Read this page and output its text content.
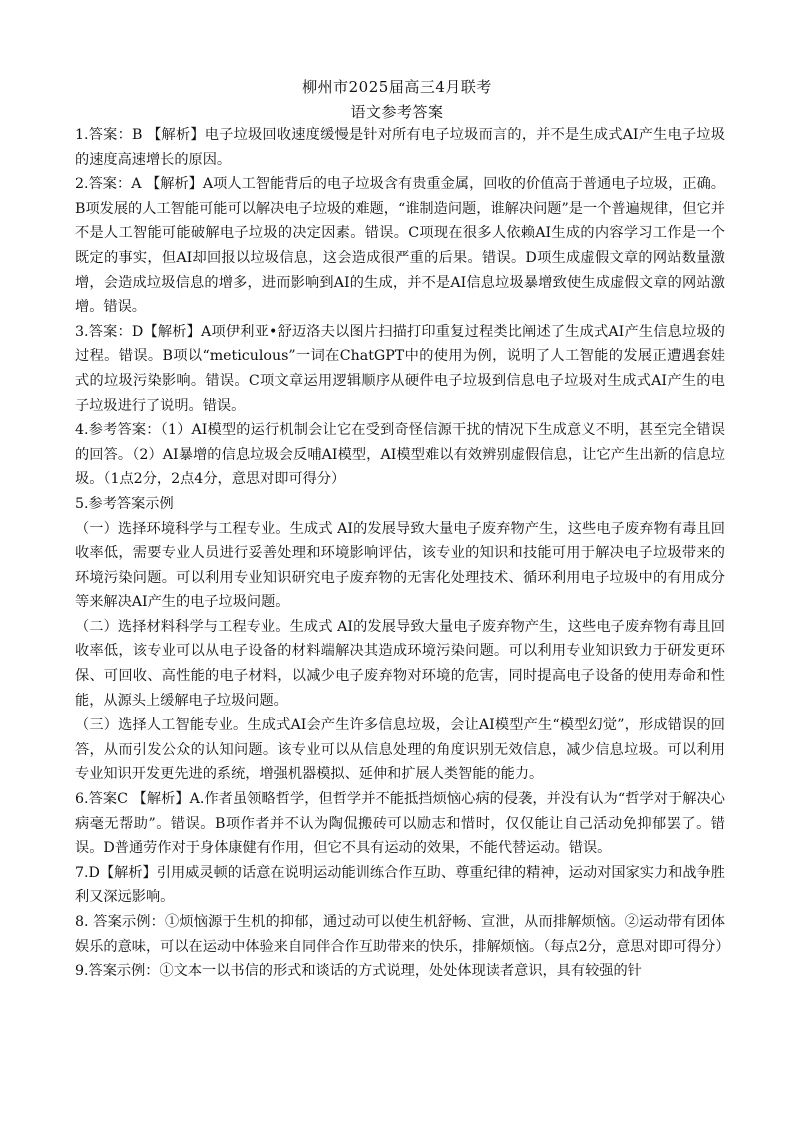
柳州市2025届高三4月联考
语文参考答案

1.答案：B 【解析】电子垃圾回收速度缓慢是针对所有电子垃圾而言的，并不是生成式AI产生电子垃圾的速度高速增长的原因。

2.答案：A 【解析】A项人工智能背后的电子垃圾含有贵重金属，回收的价值高于普通电子垃圾，正确。B项发展的人工智能可能可以解决电子垃圾的难题，“谁制造问题，谁解决问题”是一个普遍规律，但它并不是人工智能可能破解电子垃圾的决定因素。错误。C项现在很多人依赖AI生成的内容学习工作是一个既定的事实，但AI却回报以垃圾信息，这会造成很严重的后果。错误。D项生成虚假文章的网站数量激增，会造成垃圾信息的增多，进而影响到AI的生成，并不是AI信息垃圾暴增致使生成虚假文章的网站激增。错误。

3.答案：D【解析】A项伊利亚•舒迈洛夫以图片扫描打印重复过程类比阐述了生成式AI产生信息垃圾的过程。错误。B项以“meticulous”一词在ChatGPT中的使用为例，说明了人工智能的发展正遭遇套娃式的垃圾污染影响。错误。C项文章运用逻辑顺序从硬件电子垃圾到信息电子垃圾对生成式AI产生的电子垃圾进行了说明。错误。

4.参考答案：（1）AI模型的运行机制会让它在受到奇怪信源干扰的情况下生成意义不明，甚至完全错误的回答。（2）AI暴增的信息垃圾会反哺AI模型，AI模型难以有效辨别虚假信息，让它产生出新的信息垃圾。（1点2分，2点4分，意思对即可得分）

5.参考答案示例

（一）选择环境科学与工程专业。生成式 AI的发展导致大量电子废弃物产生，这些电子废弃物有毒且回收率低，需要专业人员进行妥善处理和环境影响评估，该专业的知识和技能可用于解决电子垃圾带来的环境污染问题。可以利用专业知识研究电子废弃物的无害化处理技术、循环利用电子垃圾中的有用成分等来解决AI产生的电子垃圾问题。

（二）选择材料科学与工程专业。生成式 AI的发展导致大量电子废弃物产生，这些电子废弃物有毒且回收率低，该专业可以从电子设备的材料端解决其造成环境污染问题。可以利用专业知识致力于研发更环保、可回收、高性能的电子材料，以减少电子废弃物对环境的危害，同时提高电子设备的使用寿命和性能，从源头上缓解电子垃圾问题。

（三）选择人工智能专业。生成式AI会产生许多信息垃圾，会让AI模型产生“模型幻觉”，形成错误的回答，从而引发公众的认知问题。该专业可以从信息处理的角度识别无效信息，减少信息垃圾。可以利用专业知识开发更先进的系统，增强机器模拟、延伸和扩展人类智能的能力。

6.答案C 【解析】A.作者虽领略哲学，但哲学并不能抵挡烦恼心病的侵袭，并没有认为“哲学对于解决心病毫无帮助”。错误。B项作者并不认为陶侃搬砖可以励志和惜时，仅仅能让自己活动免抑郁罢了。错误。D普通劳作对于身体康健有作用，但它不具有运动的效果，不能代替运动。错误。

7.D【解析】引用威灵顿的话意在说明运动能训练合作互助、尊重纪律的精神，运动对国家实力和战争胜利又深远影响。

8. 答案示例：①烦恼源于生机的抑郁，通过动可以使生机舒畅、宣泄，从而排解烦恼。②运动带有团体娱乐的意味，可以在运动中体验来自同伴合作互助带来的快乐，排解烦恼。（每点2分，意思对即可得分）

9.答案示例：①文本一以书信的形式和谈话的方式说理，处处体现读者意识，具有较强的针
